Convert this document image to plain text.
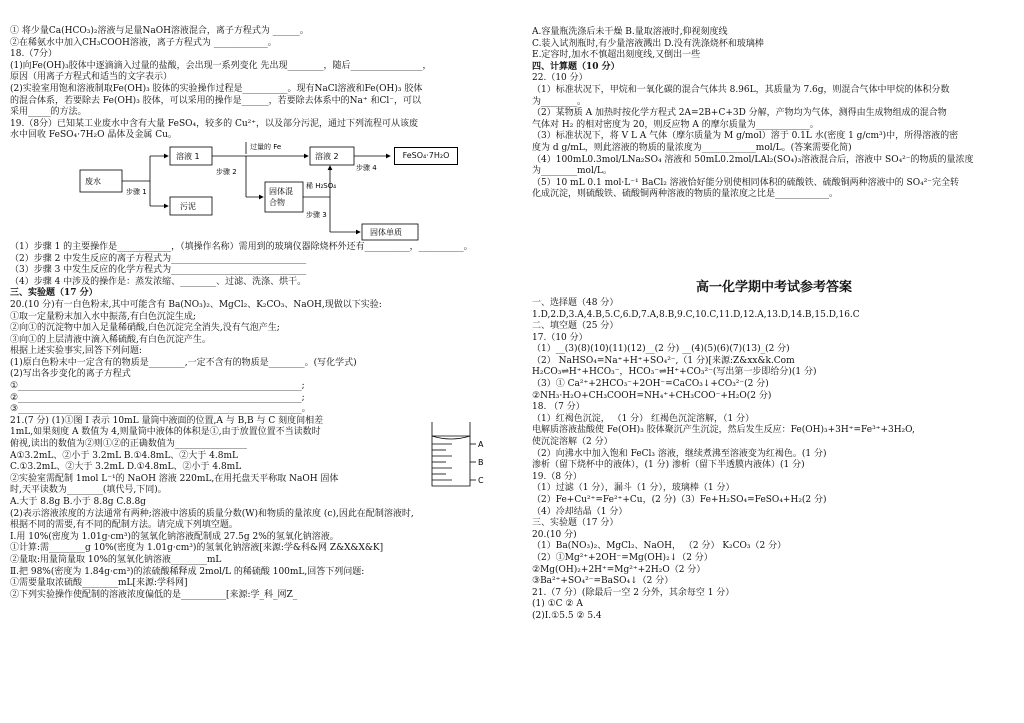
① 将少量Ca(HCO₃)₂溶液与足量NaOH溶液混合，离子方程式为 ______。
②在稀氨水中加入CH₃COOH溶液，离子方程式为 ____________。
18.（7分）
(1)向Fe(OH)₃胶体中逐滴滴入过量的盐酸，会出现一系列变化 先出现________，随后________________，
原因（用离子方程式和适当的文字表示）
(2)实验室用饱和溶液制取Fe(OH)₃ 胶体的实验操作过程是__________。现有NaCl溶液和Fe(OH)₃ 胶体
的混合体系，若要除去 Fe(OH)₃ 胶体，可以采用的操作是______，若要除去体系中的Na⁺ 和Cl⁻，可以
采用_____的方法。
19.（8分）已知某工业废水中含有大量 FeSO₄，较多的 Cu²⁺，以及部分污泥，通过下列流程可从该废
水中回收 FeSO₄·7H₂O 晶体及金属 Cu。
废水
溶液 1
污泥
固体混合物
溶液 2
固体单质
过量的 Fe
稀 H₂SO₄
步骤 1
步骤 2
步骤 3
步骤 4
FeSO₄·7H₂O
（1）步骤 1 的主要操作是____________，（填操作名称）需用到的玻璃仪器除烧杯外还有__________，__________。
（2）步骤 2 中发生反应的离子方程式为______________________________
（3）步骤 3 中发生反应的化学方程式为______________________________
（4）步骤 4 中涉及的操作是：蒸发浓缩、________、过滤、洗涤、烘干。
三、实验题（17 分）
20.(10 分)有一白色粉末,其中可能含有 Ba(NO₃)₂、MgCl₂、K₂CO₃、NaOH,现做以下实验:
①取一定量粉末加入水中振荡,有白色沉淀生成;
②向①的沉淀物中加入足量稀硝酸,白色沉淀完全消失,没有气泡产生;
③向①的上层清液中滴入稀硫酸,有白色沉淀产生。
根据上述实验事实,回答下列问题:
(1)原白色粉末中一定含有的物质是________,一定不含有的物质是________。(写化学式)
(2)写出各步变化的离子方程式
①_______________________________________________________________;
②_______________________________________________________________;
③_______________________________________________________________。
21.(7 分) (1)①图 I 表示 10mL 量筒中液面的位置,A 与 B,B 与 C 刻度间相差
1mL,如果刻度 A 数值为 4,则量筒中液体的体积是①,由于放置位置不当读数时
俯视,读出的数值为②则①②的正确数值为________________
A①3.2mL、②小于 3.2mL B.①4.8mL、②大于 4.8mL
C.①3.2mL、②大于 3.2mL D.①4.8mL、②小于 4.8mL
②实验室需配制 1mol L⁻¹的 NaOH 溶液 220mL,在用托盘天平称取 NaOH 固体
时,天平读数为________(填代号,下同)。
A.大于 8.8g B.小于 8.8g C.8.8g
(2)表示溶液浓度的方法通常有两种;溶液中溶质的质量分数(W)和物质的量浓度 (c),因此在配制溶液时,
根据不同的需要,有不同的配制方法。请完成下列填空题。
Ⅰ.用 10%(密度为 1.01g·cm³)的氢氧化钠溶液配制成 27.5g 2%的氢氧化钠溶液。
①计算:需________g 10%(密度为 1.01g·cm³)的氢氧化钠溶液[来源:学&科&网 Z&X&X&K]
②量取:用量筒量取 10%的氢氧化钠溶液________mL
Ⅱ.把 98%(密度为 1.84g·cm³)的浓硫酸稀释成 2mol/L 的稀硫酸 100mL,回答下列问题:
①需要量取浓硫酸________mL[来源:学科网]
②下列实验操作使配制的溶液浓度偏低的是__________[来源:学_科_网Z_
A
B
C
A.容量瓶洗涤后未干燥 B.量取溶液时,仰视刻度线
C.装入试剂瓶时,有少量溶液溅出 D.没有洗涤烧杯和玻璃棒
E.定容时,加水不慎超出刻度线,又倒出一些
四、计算题（10 分）
22.（10 分）
（1）标准状况下，甲烷和一氧化碳的混合气体共 8.96L，其质量为 7.6g，则混合气体中甲烷的体积分数
为________。
（2）某物质 A 加热时按化学方程式 2A=2B+C+3D 分解，产物均为气体，测得由生成物组成的混合物
气体对 H₂ 的相对密度为 20，则反应物 A 的摩尔质量为____________。
（3）标准状况下，将 V L A 气体（摩尔质量为 M g/mol）溶于 0.1L 水(密度 1 g/cm³)中，所得溶液的密
度为 d g/mL，则此溶液的物质的量浓度为____________mol/L。(答案需要化简)
（4）100mL0.3mol/LNa₂SO₄ 溶液和 50mL0.2mol/LAl₂(SO₄)₃溶液混合后，溶液中 SO₄²⁻的物质的量浓度
为________mol/L。
（5）10 mL 0.1 mol·L⁻¹ BaCl₂ 溶液恰好能分别使相同体积的硫酸铁、硫酸铜两种溶液中的 SO₄²⁻完全转
化成沉淀，则硫酸铁、硫酸铜两种溶液的物质的量浓度之比是____________。
高一化学期中考试参考答案
一、选择题（48 分）
1.D,2.D,3.A,4.B,5.C,6.D,7.A,8.B,9.C,10.C,11.D,12.A,13.D,14.B,15.D,16.C
二、填空题（25 分）
17.（10 分）
（1）__(3)(8)(10)(11)(12)__(2 分) __(4)(5)(6)(7)(13)_(2 分)
（2） NaHSO₄=Na⁺+H⁺+SO₄²⁻,（1 分)[来源:Z&xx&k.Com
H₂CO₃⇌H⁺+HCO₃⁻，HCO₃⁻⇌H⁺+CO₃²⁻(写出第一步即给分)(1 分)
（3）① Ca²⁺+2HCO₃⁻+2OH⁻=CaCO₃↓+CO₃²⁻(2 分)
②NH₃·H₂O+CH₃COOH=NH₄⁺+CH₃COO⁻+H₂O(2 分)
18. （7 分）
（1）红褐色沉淀， （1 分） 红褐色沉淀溶解，（1 分）
电解质溶液盐酸使 Fe(OH)₃ 胶体聚沉产生沉淀，然后发生反应：Fe(OH)₃+3H⁺=Fe³⁺+3H₂O,
使沉淀溶解（2 分）
（2）向沸水中加入饱和 FeCl₃ 溶液，继续煮沸至溶液变为红褐色。(1 分)
渗析（留下烧杯中的液体），(1 分) 渗析（留下半透膜内液体）(1 分)
19.（8 分）
（1）过滤（1 分），漏斗（1 分），玻璃棒（1 分）
（2）Fe+Cu²⁺=Fe²⁺+Cu，(2 分)（3）Fe+H₂SO₄=FeSO₄+H₂(2 分)
（4）冷却结晶（1 分）
三、实验题（17 分）
20.(10 分)
（1）Ba(NO₃)₂、MgCl₂、NaOH， （2 分） K₂CO₃（2 分）
（2）①Mg²⁺+2OH⁻=Mg(OH)₂↓（2 分）
②Mg(OH)₂+2H⁺=Mg²⁺+2H₂O（2 分）
③Ba²⁺+SO₄²⁻=BaSO₄↓（2 分）
21.（7 分）(除最后一空 2 分外，其余每空 1 分）
(1) ①C ② A
(2)Ⅰ.①5.5 ② 5.4
